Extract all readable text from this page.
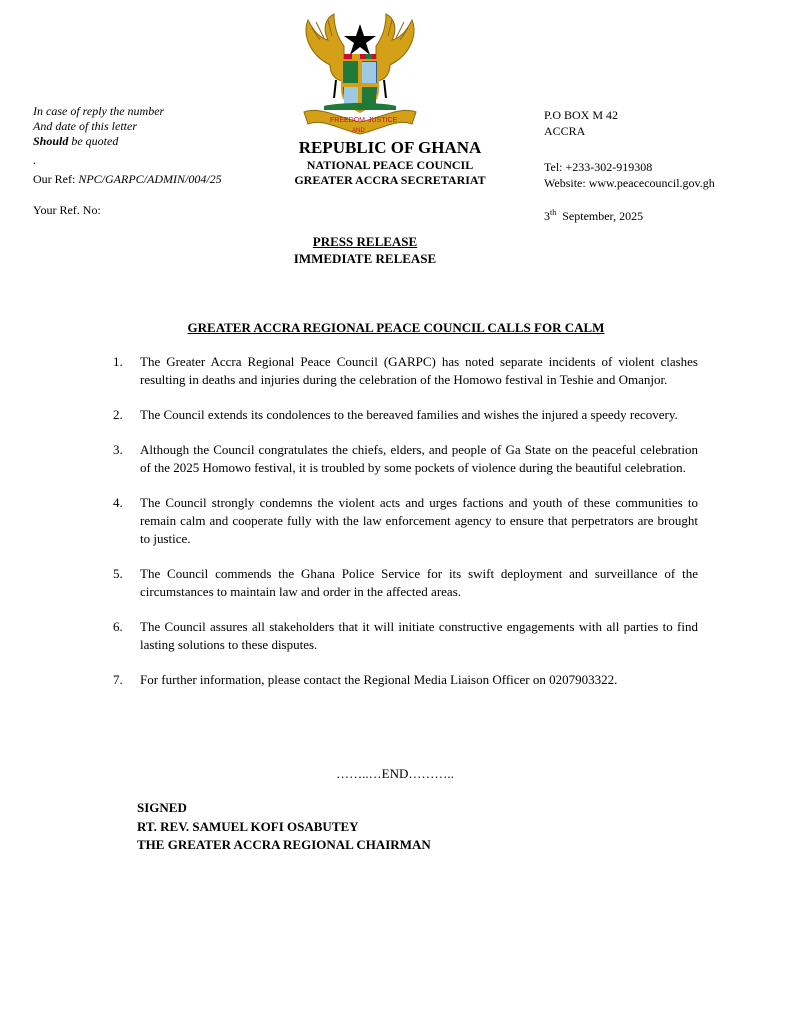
FREEDOM
AND
JUSTICE
In case of reply the number
And date of this letter
Should be quoted
.
Our Ref: NPC/GARPC/ADMIN/004/25
Your Ref. No:
REPUBLIC OF GHANA
NATIONAL PEACE COUNCIL
GREATER ACCRA SECRETARIAT
P.O BOX M 42
ACCRA
Tel: +233-302-919308
Website: www.peacecouncil.gov.gh
3th  September, 2025
PRESS RELEASE
IMMEDIATE RELEASE
GREATER ACCRA REGIONAL PEACE COUNCIL CALLS FOR CALM
1. The Greater Accra Regional Peace Council (GARPC) has noted separate incidents of violent clashes resulting in deaths and injuries during the celebration of the Homowo festival in Teshie and Omanjor.
2. The Council extends its condolences to the bereaved families and wishes the injured a speedy recovery.
3. Although the Council congratulates the chiefs, elders, and people of Ga State on the peaceful celebration of the 2025 Homowo festival, it is troubled by some pockets of violence during the beautiful celebration.
4. The Council strongly condemns the violent acts and urges factions and youth of these communities to remain calm and cooperate fully with the law enforcement agency to ensure that perpetrators are brought to justice.
5. The Council commends the Ghana Police Service for its swift deployment and surveillance of the circumstances to maintain law and order in the affected areas.
6. The Council assures all stakeholders that it will initiate constructive engagements with all parties to find lasting solutions to these disputes.
7. For further information, please contact the Regional Media Liaison Officer on 0207903322.
……..…END………..
SIGNED
RT. REV. SAMUEL KOFI OSABUTEY
THE GREATER ACCRA REGIONAL CHAIRMAN
